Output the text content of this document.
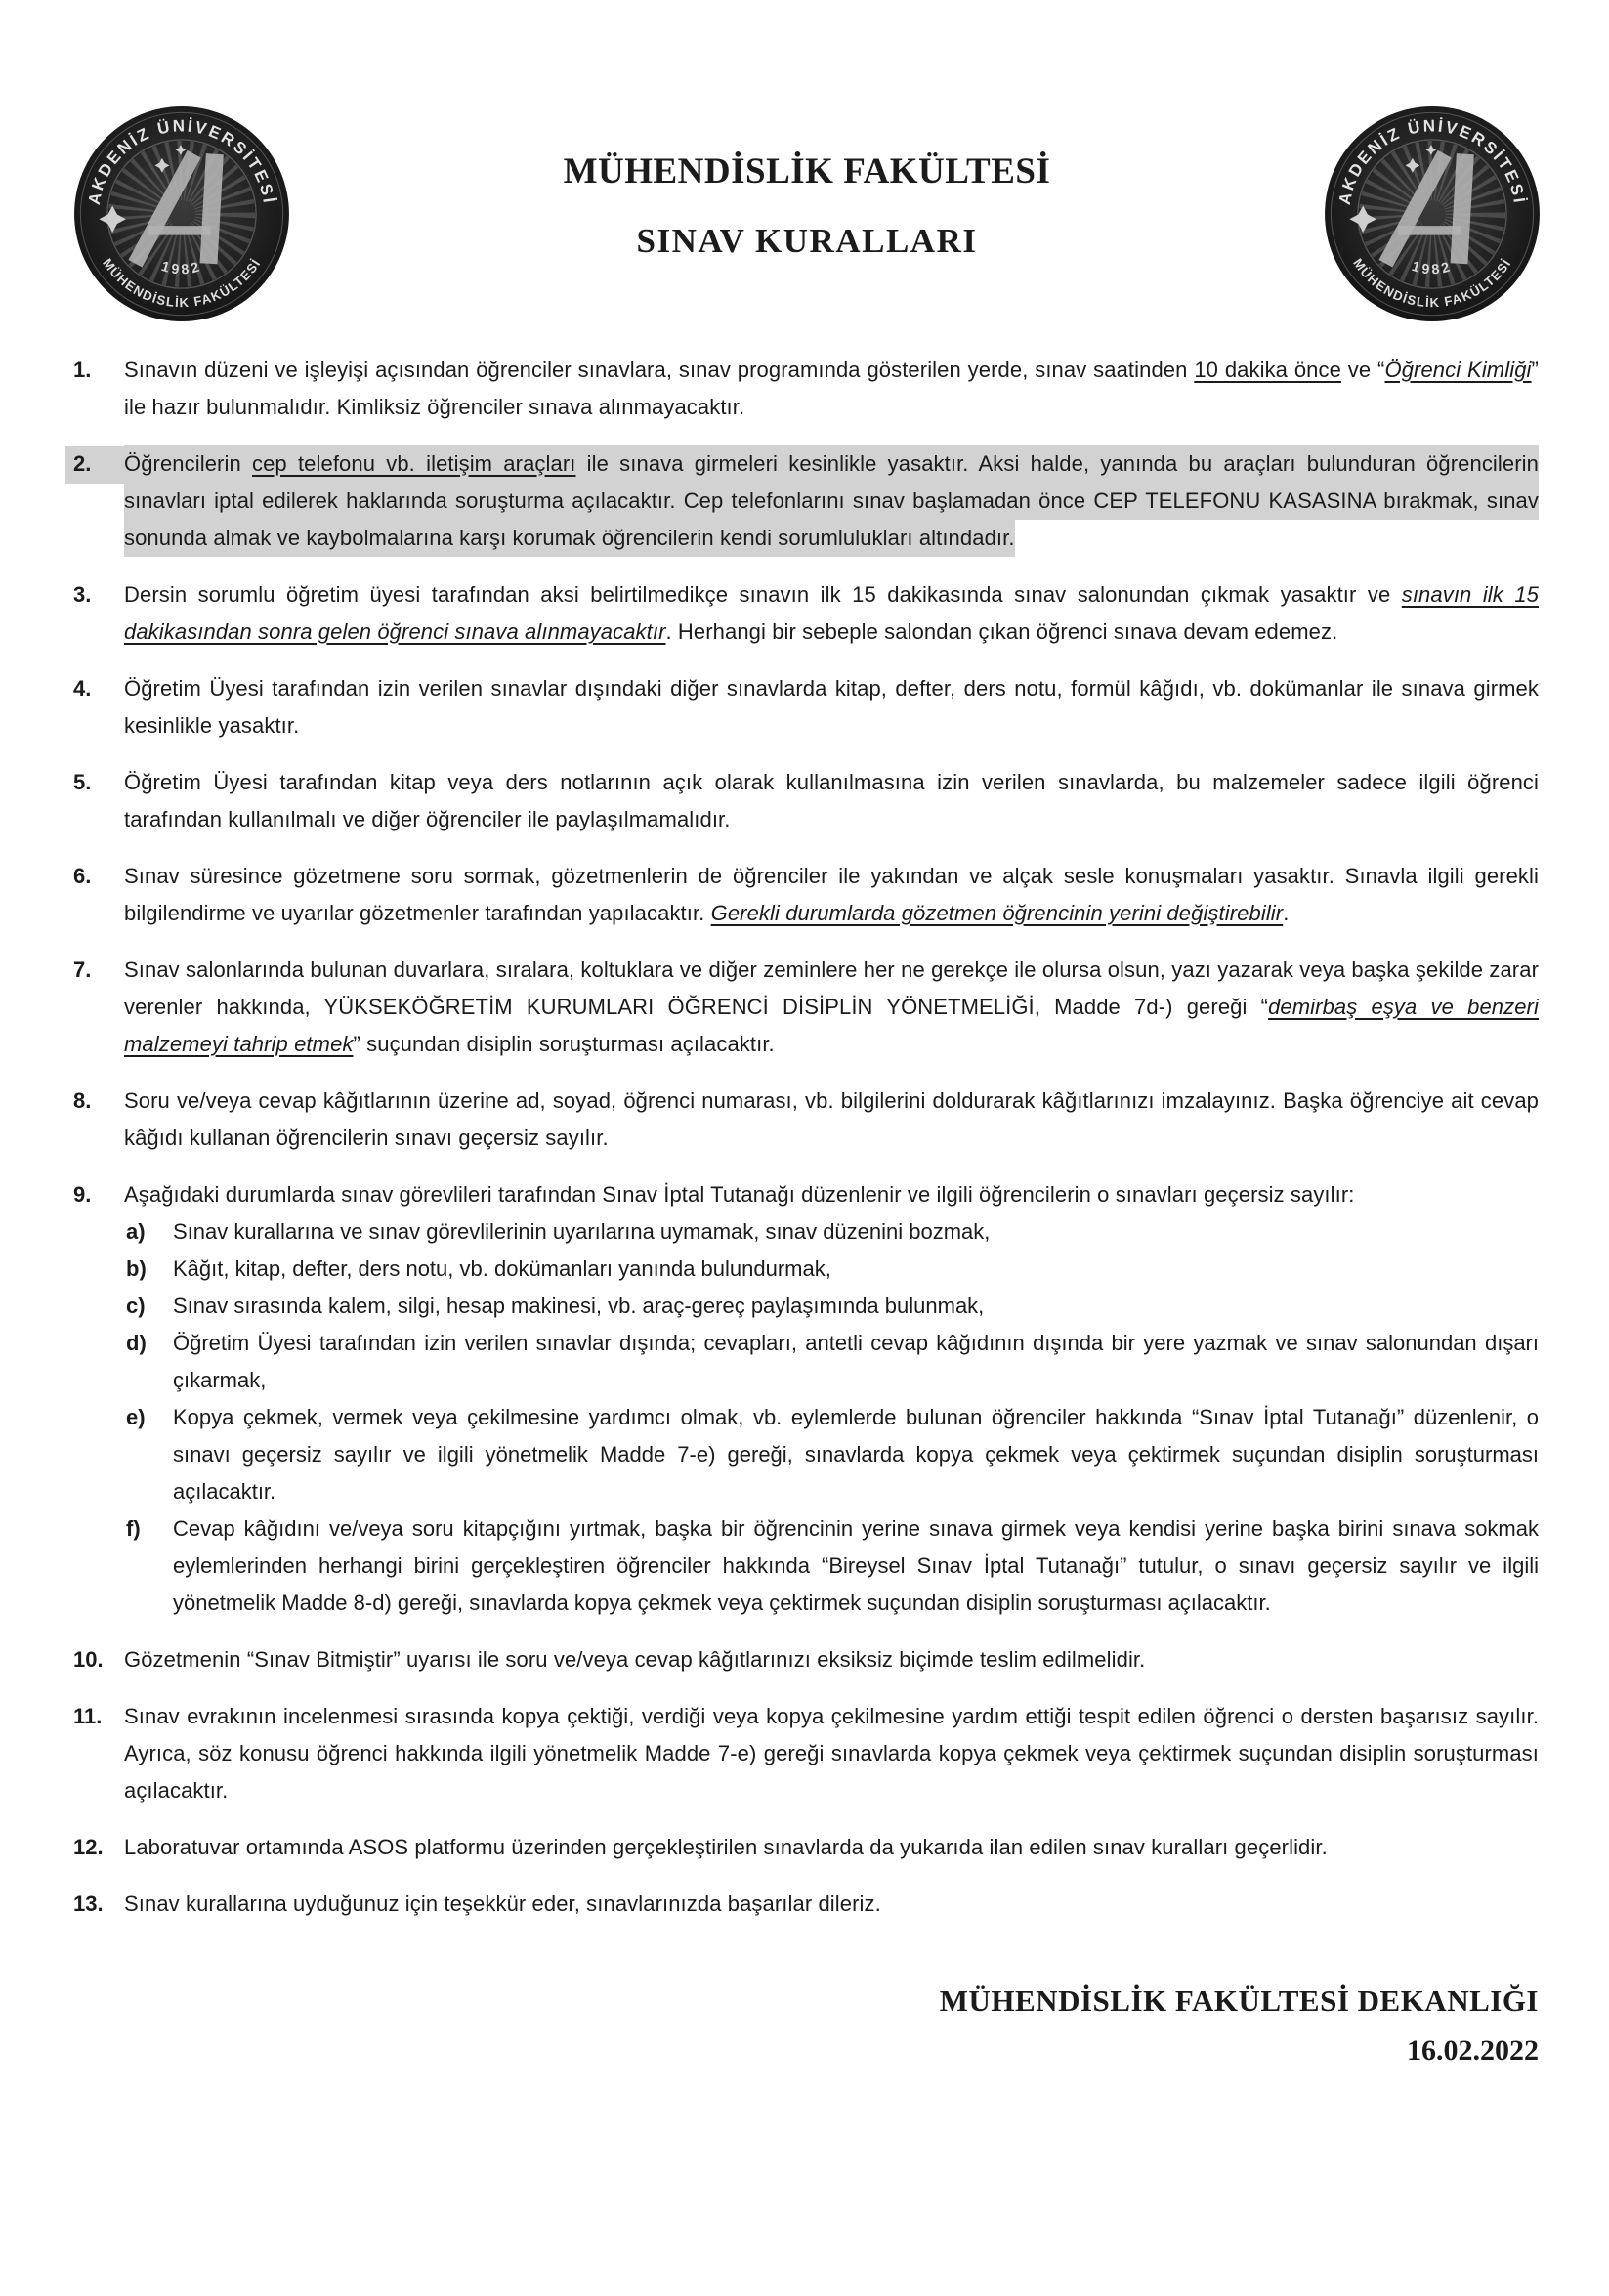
AKDENİZ ÜNİVERSİTESİ
MÜHENDİSLİK FAKÜLTESİ
1982
MÜHENDİSLİK FAKÜLTESİ
SINAV KURALLARI
AKDENİZ ÜNİVERSİTESİ
MÜHENDİSLİK FAKÜLTESİ
1982
1.	Sınavın düzeni ve işleyişi açısından öğrenciler sınavlara, sınav programında gösterilen yerde, sınav saatinden 10 dakika önce ve “Öğrenci Kimliği” ile hazır bulunmalıdır. Kimliksiz öğrenciler sınava alınmayacaktır.

2.	Öğrencilerin cep telefonu vb. iletişim araçları ile sınava girmeleri kesinlikle yasaktır. Aksi halde, yanında bu araçları bulunduran öğrencilerin sınavları iptal edilerek haklarında soruşturma açılacaktır. Cep telefonlarını sınav başlamadan önce CEP TELEFONU KASASINA bırakmak, sınav sonunda almak ve kaybolmalarına karşı korumak öğrencilerin kendi sorumlulukları altındadır.

3.	Dersin sorumlu öğretim üyesi tarafından aksi belirtilmedikçe sınavın ilk 15 dakikasında sınav salonundan çıkmak yasaktır ve sınavın ilk 15 dakikasından sonra gelen öğrenci sınava alınmayacaktır. Herhangi bir sebeple salondan çıkan öğrenci sınava devam edemez.

4.	Öğretim Üyesi tarafından izin verilen sınavlar dışındaki diğer sınavlarda kitap, defter, ders notu, formül kâğıdı, vb. dokümanlar ile sınava girmek kesinlikle yasaktır.

5.	Öğretim Üyesi tarafından kitap veya ders notlarının açık olarak kullanılmasına izin verilen sınavlarda, bu malzemeler sadece ilgili öğrenci tarafından kullanılmalı ve diğer öğrenciler ile paylaşılmamalıdır.

6.	Sınav süresince gözetmene soru sormak, gözetmenlerin de öğrenciler ile yakından ve alçak sesle konuşmaları yasaktır. Sınavla ilgili gerekli bilgilendirme ve uyarılar gözetmenler tarafından yapılacaktır. Gerekli durumlarda gözetmen öğrencinin yerini değiştirebilir.

7.	Sınav salonlarında bulunan duvarlara, sıralara, koltuklara ve diğer zeminlere her ne gerekçe ile olursa olsun, yazı yazarak veya başka şekilde zarar verenler hakkında, YÜKSEKÖĞRETİM KURUMLARI ÖĞRENCİ DİSİPLİN YÖNETMELİĞİ, Madde 7d-) gereği “demirbaş eşya ve benzeri malzemeyi tahrip etmek” suçundan disiplin soruşturması açılacaktır.

8.	Soru ve/veya cevap kâğıtlarının üzerine ad, soyad, öğrenci numarası, vb. bilgilerini doldurarak kâğıtlarınızı imzalayınız. Başka öğrenciye ait cevap kâğıdı kullanan öğrencilerin sınavı geçersiz sayılır.

9.	Aşağıdaki durumlarda sınav görevlileri tarafından Sınav İptal Tutanağı düzenlenir ve ilgili öğrencilerin o sınavları geçersiz sayılır:

a) Sınav kurallarına ve sınav görevlilerinin uyarılarına uymamak, sınav düzenini bozmak,
b) Kâğıt, kitap, defter, ders notu, vb. dokümanları yanında bulundurmak,
c) Sınav sırasında kalem, silgi, hesap makinesi, vb. araç-gereç paylaşımında bulunmak,
d) Öğretim Üyesi tarafından izin verilen sınavlar dışında; cevapları, antetli cevap kâğıdının dışında bir yere yazmak ve sınav salonundan dışarı çıkarmak,
e) Kopya çekmek, vermek veya çekilmesine yardımcı olmak, vb. eylemlerde bulunan öğrenciler hakkında “Sınav İptal Tutanağı” düzenlenir, o sınavı geçersiz sayılır ve ilgili yönetmelik Madde 7-e) gereği, sınavlarda kopya çekmek veya çektirmek suçundan disiplin soruşturması açılacaktır.
f) Cevap kâğıdını ve/veya soru kitapçığını yırtmak, başka bir öğrencinin yerine sınava girmek veya kendisi yerine başka birini sınava sokmak eylemlerinden herhangi birini gerçekleştiren öğrenciler hakkında “Bireysel Sınav İptal Tutanağı” tutulur, o sınavı geçersiz sayılır ve ilgili yönetmelik Madde 8-d) gereği, sınavlarda kopya çekmek veya çektirmek suçundan disiplin soruşturması açılacaktır.
10. Gözetmenin “Sınav Bitmiştir” uyarısı ile soru ve/veya cevap kâğıtlarınızı eksiksiz biçimde teslim edilmelidir.

11.	Sınav evrakının incelenmesi sırasında kopya çektiği, verdiği veya kopya çekilmesine yardım ettiği tespit edilen öğrenci o dersten başarısız sayılır. Ayrıca, söz konusu öğrenci hakkında ilgili yönetmelik Madde 7-e) gereği sınavlarda kopya çekmek veya çektirmek suçundan disiplin soruşturması açılacaktır.

12. Laboratuvar ortamında ASOS platformu üzerinden gerçekleştirilen sınavlarda da yukarıda ilan edilen sınav kuralları geçerlidir.

13. Sınav kurallarına uyduğunuz için teşekkür eder, sınavlarınızda başarılar dileriz.

MÜHENDİSLİK FAKÜLTESİ DEKANLIĞI
16.02.2022
